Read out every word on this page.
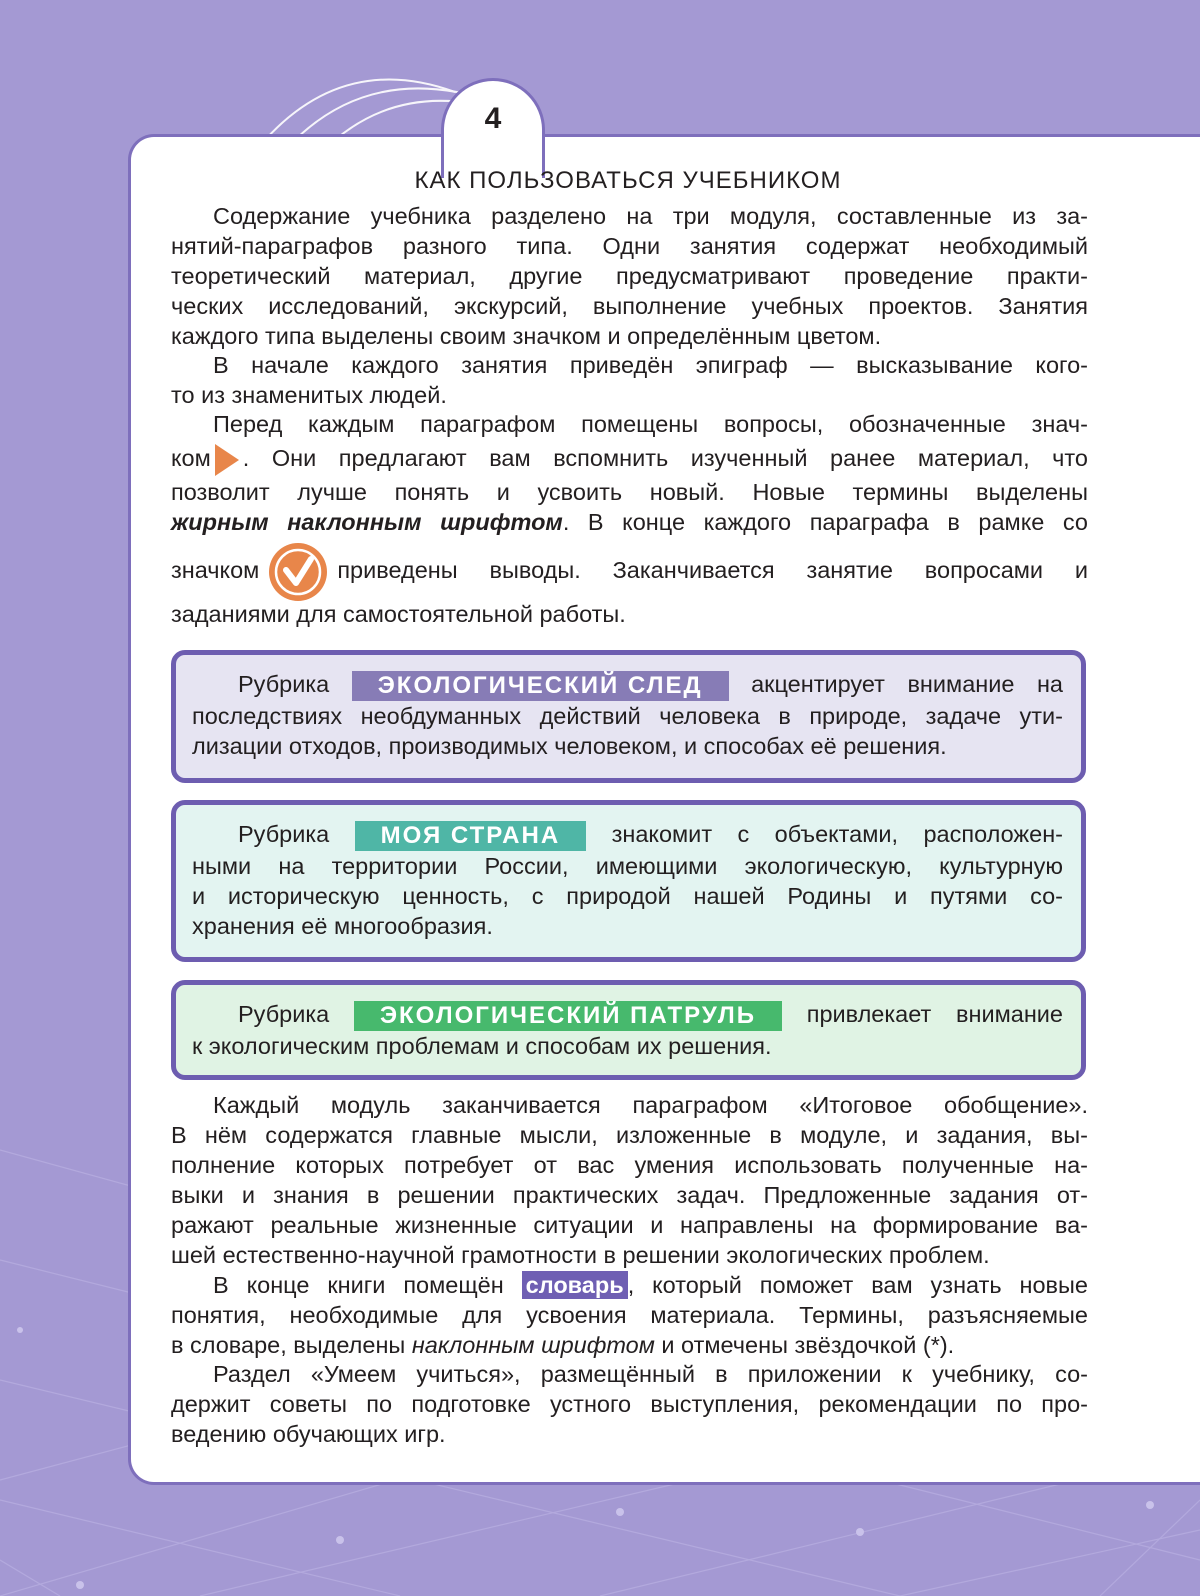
4
КАК ПОЛЬЗОВАТЬСЯ УЧЕБНИКОМ
Содержание учебника разделено на три модуля, составленные из за-
нятий-параграфов разного типа. Одни занятия содержат необходимый
теоретический материал, другие предусматривают проведение практи-
ческих исследований, экскурсий, выполнение учебных проектов. Занятия
каждого типа выделены своим значком и определённым цветом.
В начале каждого занятия приведён эпиграф — высказывание кого-
то из знаменитых людей.
Перед каждым параграфом помещены вопросы, обозначенные знач-
ком . Они предлагают вам вспомнить изученный ранее материал, что
позволит лучше понять и усвоить новый. Новые термины выделены
жирным наклонным шрифтом. В конце каждого параграфа в рамке со
значком	приведены выводы. Заканчивается занятие вопросами и
заданиями для самостоятельной работы.
Рубрика ЭКОЛОГИЧЕСКИЙ СЛЕД акцентирует внимание на
последствиях необдуманных действий человека в природе, задаче ути-
лизации отходов, производимых человеком, и способах её решения.
Рубрика МОЯ СТРАНА знакомит с объектами, расположен-
ными на территории России, имеющими экологическую, культурную
и историческую ценность, с природой нашей Родины и путями со-
хранения её многообразия.
Рубрика ЭКОЛОГИЧЕСКИЙ ПАТРУЛЬ привлекает внимание
к экологическим проблемам и способам их решения.
Каждый модуль заканчивается параграфом «Итоговое обобщение».
В нём содержатся главные мысли, изложенные в модуле, и задания, вы-
полнение которых потребует от вас умения использовать полученные на-
выки и знания в решении практических задач. Предложенные задания от-
ражают реальные жизненные ситуации и направлены на формирование ва-
шей естественно-научной грамотности в решении экологических проблем.
В конце книги помещён словарь , который поможет вам узнать новые
понятия, необходимые для усвоения материала. Термины, разъясняемые
в словаре, выделены наклонным шрифтом и отмечены звёздочкой (*).
Раздел «Умеем учиться», размещённый в приложении к учебнику, со-
держит советы по подготовке устного выступления, рекомендации по про-
ведению обучающих игр.
